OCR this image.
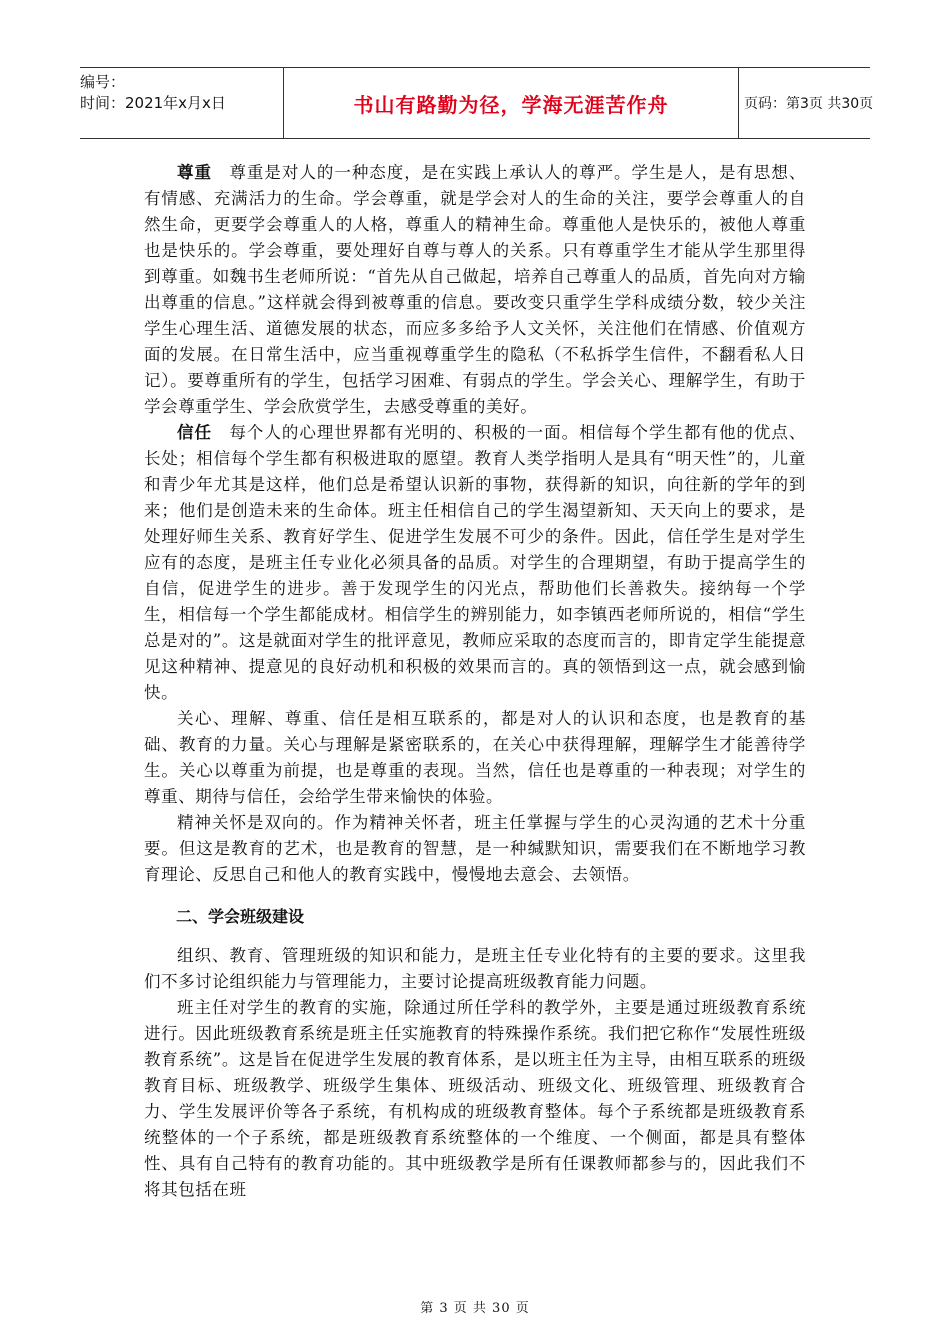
编号：
时间：2021年x月x日	书山有路勤为径，学海无涯苦作舟	页码：第3页 共30页

尊重　 尊重是对人的一种态度，是在实践上承认人的尊严。学生是人，是有思想、有情感、充满活力的生命。学会尊重，就是学会对人的生命的关注，要学会尊重人的自然生命，更要学会尊重人的人格，尊重人的精神生命。尊重他人是快乐的，被他人尊重也是快乐的。学会尊重，要处理好自尊与尊人的关系。只有尊重学生才能从学生那里得到尊重。如魏书生老师所说：“首先从自己做起，培养自己尊重人的品质，首先向对方输出尊重的信息。”这样就会得到被尊重的信息。要改变只重学生学科成绩分数，较少关注学生心理生活、道德发展的状态，而应多多给予人文关怀，关注他们在情感、价值观方面的发展。在日常生活中，应当重视尊重学生的隐私（不私拆学生信件，不翻看私人日记）。要尊重所有的学生，包括学习困难、有弱点的学生。学会关心、理解学生，有助于学会尊重学生、学会欣赏学生，去感受尊重的美好。

信任　 每个人的心理世界都有光明的、积极的一面。相信每个学生都有他的优点、长处；相信每个学生都有积极进取的愿望。教育人类学指明人是具有“明天性”的，儿童和青少年尤其是这样，他们总是希望认识新的事物，获得新的知识，向往新的学年的到来；他们是创造未来的生命体。班主任相信自己的学生渴望新知、天天向上的要求，是处理好师生关系、教育好学生、促进学生发展不可少的条件。因此，信任学生是对学生应有的态度，是班主任专业化必须具备的品质。对学生的合理期望，有助于提高学生的自信，促进学生的进步。善于发现学生的闪光点，帮助他们长善救失。接纳每一个学生，相信每一个学生都能成材。相信学生的辨别能力，如李镇西老师所说的，相信“学生总是对的”。这是就面对学生的批评意见，教师应采取的态度而言的，即肯定学生能提意见这种精神、提意见的良好动机和积极的效果而言的。真的领悟到这一点，就会感到愉快。

关心、理解、尊重、信任是相互联系的，都是对人的认识和态度，也是教育的基础、教育的力量。关心与理解是紧密联系的，在关心中获得理解，理解学生才能善待学生。关心以尊重为前提，也是尊重的表现。当然，信任也是尊重的一种表现；对学生的尊重、期待与信任，会给学生带来愉快的体验。

精神关怀是双向的。作为精神关怀者，班主任掌握与学生的心灵沟通的艺术十分重要。但这是教育的艺术，也是教育的智慧，是一种缄默知识，需要我们在不断地学习教育理论、反思自己和他人的教育实践中，慢慢地去意会、去领悟。

二、学会班级建设

组织、教育、管理班级的知识和能力，是班主任专业化特有的主要的要求。这里我们不多讨论组织能力与管理能力，主要讨论提高班级教育能力问题。

班主任对学生的教育的实施，除通过所任学科的教学外，主要是通过班级教育系统进行。因此班级教育系统是班主任实施教育的特殊操作系统。我们把它称作“发展性班级教育系统”。这是旨在促进学生发展的教育体系，是以班主任为主导，由相互联系的班级教育目标、班级教学、班级学生集体、班级活动、班级文化、班级管理、班级教育合力、学生发展评价等各子系统，有机构成的班级教育整体。每个子系统都是班级教育系统整体的一个子系统，都是班级教育系统整体的一个维度、一个侧面，都是具有整体性、具有自己特有的教育功能的。其中班级教学是所有任课教师都参与的，因此我们不将其包括在班

第 3 页 共 30 页
